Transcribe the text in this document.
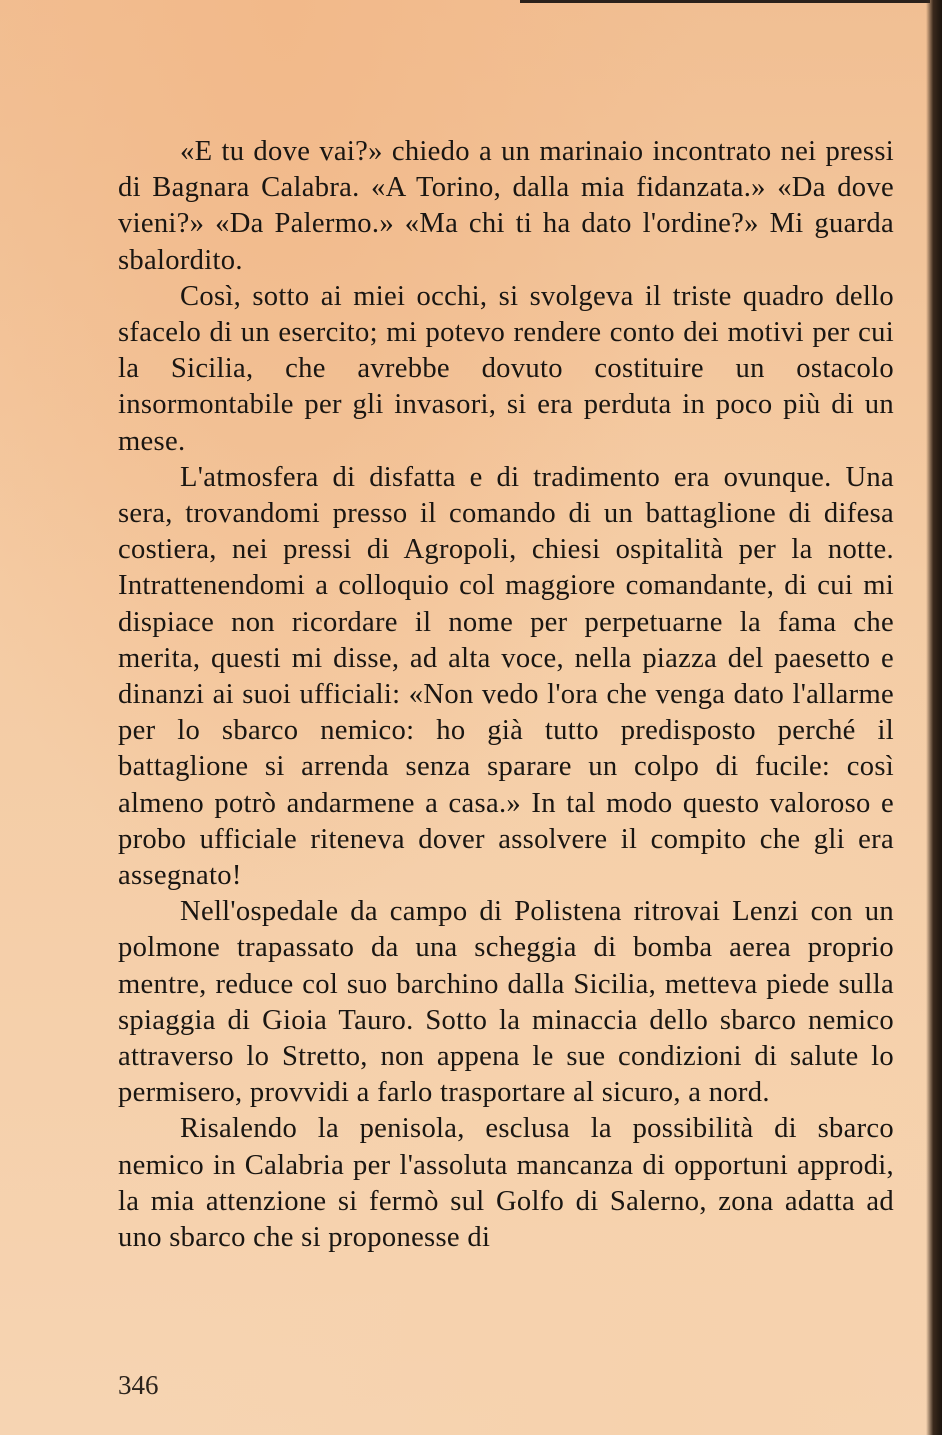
«E tu dove vai?» chiedo a un marinaio incontrato nei pressi di Bagnara Calabra. «A Torino, dalla mia fidanzata.» «Da dove vieni?» «Da Palermo.» «Ma chi ti ha dato l'ordine?» Mi guarda sbalordito.

Così, sotto ai miei occhi, si svolgeva il triste quadro dello sfacelo di un esercito; mi potevo rendere conto dei motivi per cui la Sicilia, che avrebbe dovuto costituire un ostacolo insormontabile per gli invasori, si era perduta in poco più di un mese.

L'atmosfera di disfatta e di tradimento era ovunque. Una sera, trovandomi presso il comando di un battaglione di difesa costiera, nei pressi di Agropoli, chiesi ospitalità per la notte. Intrattenendomi a colloquio col maggiore comandante, di cui mi dispiace non ricordare il nome per perpetuarne la fama che merita, questi mi disse, ad alta voce, nella piazza del paesetto e dinanzi ai suoi ufficiali: «Non vedo l'ora che venga dato l'allarme per lo sbarco nemico: ho già tutto predisposto perché il battaglione si arrenda senza sparare un colpo di fucile: così almeno potrò andarmene a casa.» In tal modo questo valoroso e probo ufficiale riteneva dover assolvere il compito che gli era assegnato!

Nell'ospedale da campo di Polistena ritrovai Lenzi con un polmone trapassato da una scheggia di bomba aerea proprio mentre, reduce col suo barchino dalla Sicilia, metteva piede sulla spiaggia di Gioia Tauro. Sotto la minaccia dello sbarco nemico attraverso lo Stretto, non appena le sue condizioni di salute lo permisero, provvidi a farlo trasportare al sicuro, a nord.

Risalendo la penisola, esclusa la possibilità di sbarco nemico in Calabria per l'assoluta mancanza di opportuni approdi, la mia attenzione si fermò sul Golfo di Salerno, zona adatta ad uno sbarco che si proponesse di

346
